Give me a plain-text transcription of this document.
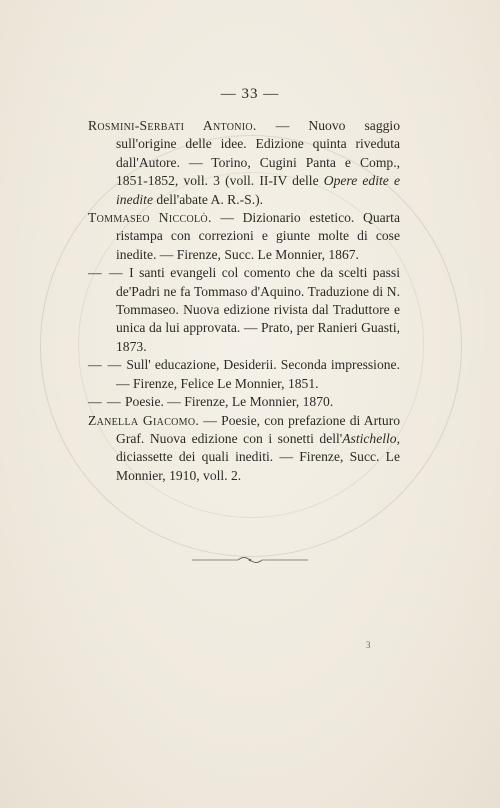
— 33 —

Rosmini-Serbati Antonio. — Nuovo saggio sull'origine delle idee. Edizione quinta riveduta dall'Autore. — Torino, Cugini Panta e Comp., 1851-1852, voll. 3 (voll. II-IV delle Opere edite e inedite dell'abate A. R.-S.).

Tommaseo Niccolò. — Dizionario estetico. Quarta ristampa con correzioni e giunte molte di cose inedite. — Firenze, Succ. Le Monnier, 1867.

— — I santi evangeli col comento che da scelti passi de'Padri ne fa Tommaso d'Aquino. Traduzione di N. Tommaseo. Nuova edizione rivista dal Traduttore e unica da lui approvata. — Prato, per Ranieri Guasti, 1873.

— — Sull' educazione, Desiderii. Seconda impressione. — Firenze, Felice Le Monnier, 1851.

— — Poesie. — Firenze, Le Monnier, 1870.

Zanella Giacomo. — Poesie, con prefazione di Arturo Graf. Nuova edizione con i sonetti dell'Astichello, diciassette dei quali inediti. — Firenze, Succ. Le Monnier, 1910, voll. 2.

3
